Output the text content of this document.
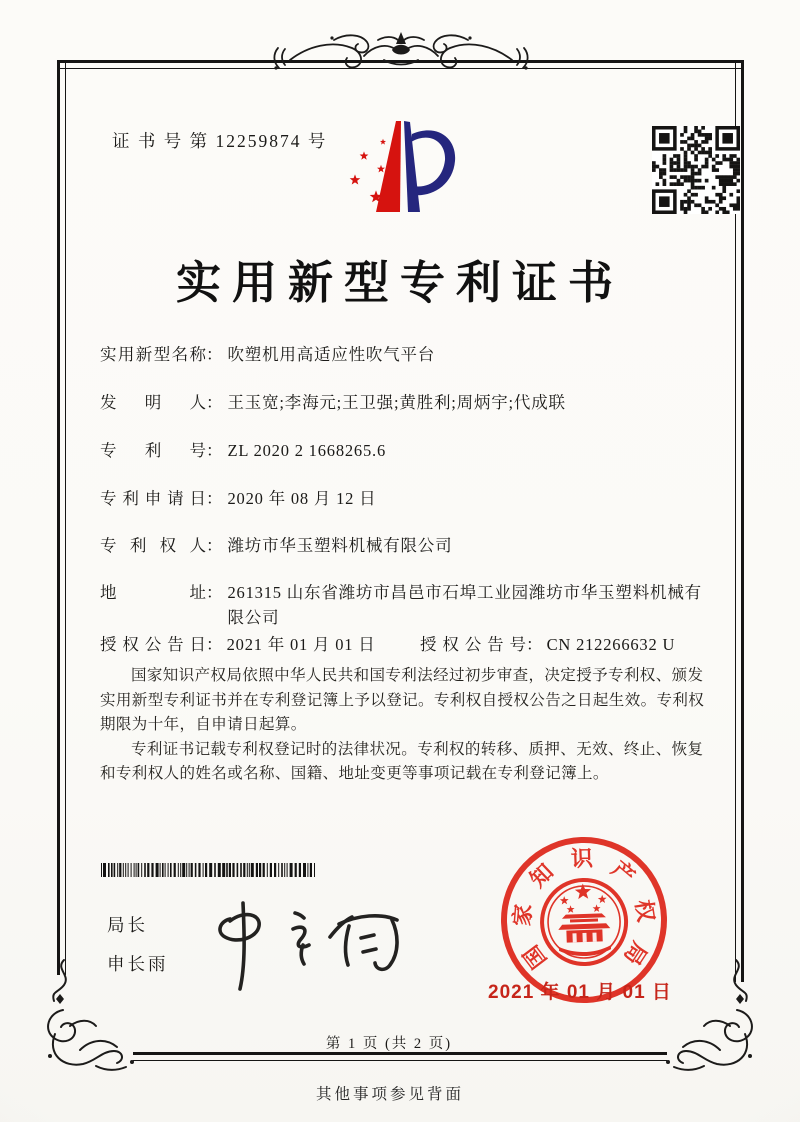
证 书 号 第 12259874 号
实用新型专利证书
实用新型名称： 吹塑机用高适应性吹气平台
发明人： 王玉宽;李海元;王卫强;黄胜利;周炳宇;代成联
专利号： ZL 2020 2 1668265.6
专利申请日： 2020 年 08 月 12 日
专利权人： 潍坊市华玉塑料机械有限公司
地址： 261315 山东省潍坊市昌邑市石埠工业园潍坊市华玉塑料机械有限公司
授权公告日： 2021 年 01 月 01 日	授权公告号： CN 212266632 U

国家知识产权局依照中华人民共和国专利法经过初步审查，决定授予专利权、颁发实用新型专利证书并在专利登记簿上予以登记。专利权自授权公告之日起生效。专利权期限为十年，自申请日起算。

专利证书记载专利权登记时的法律状况。专利权的转移、质押、无效、终止、恢复和专利权人的姓名或名称、国籍、地址变更等事项记载在专利登记簿上。

局长
申长雨	国
家
知
识 产
权
局
2021 年 01 月 01 日
第 1 页 (共 2 页)
其他事项参见背面
